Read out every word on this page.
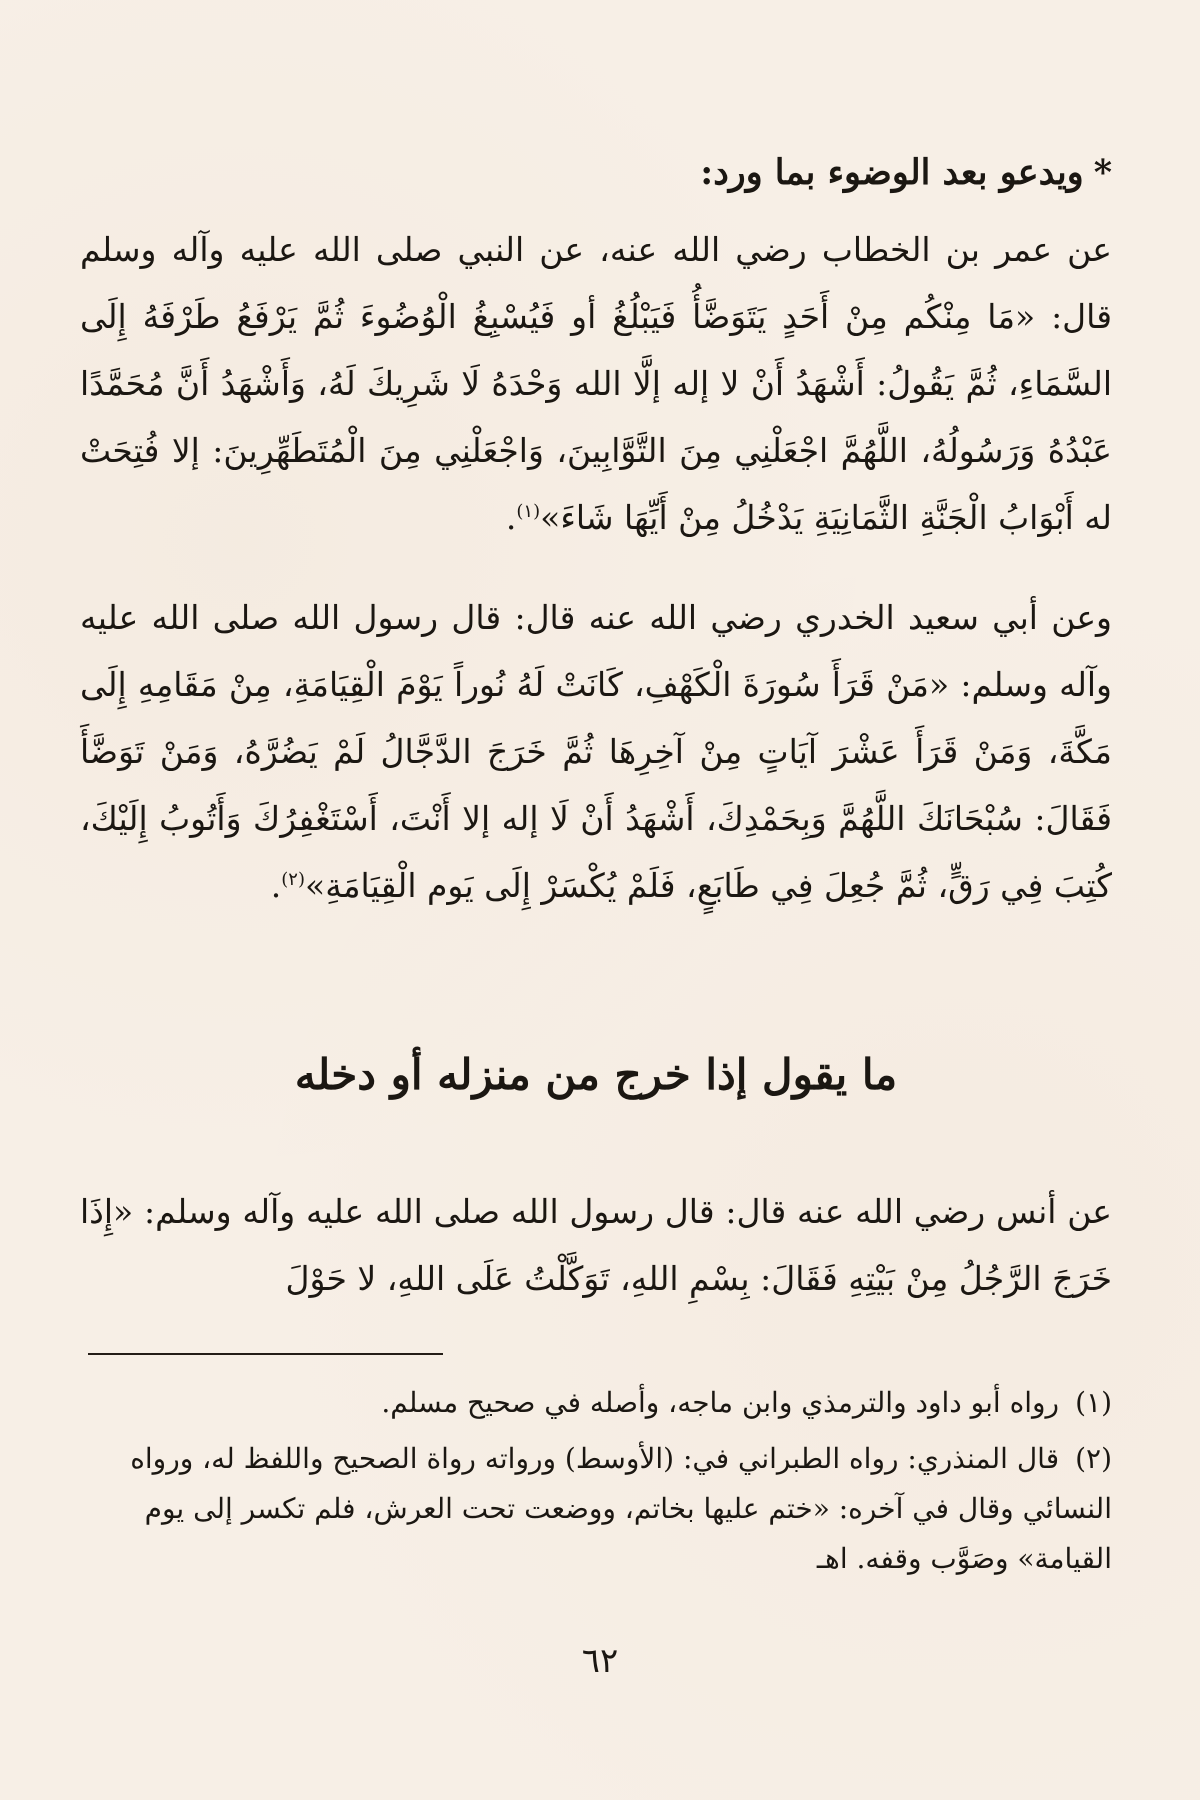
*ويدعو بعد الوضوء بما ورد:
عن عمر بن الخطاب رضي الله عنه، عن النبي صلى الله عليه وآله وسلم قال: «مَا مِنْكُم مِنْ أَحَدٍ يَتَوَضَّأُ فَيَبْلُغُ أو فَيُسْبِغُ الْوُضُوءَ ثُمَّ يَرْفَعُ طَرْفَهُ إِلَى السَّمَاءِ، ثُمَّ يَقُولُ: أَشْهَدُ أَنْ لا إله إلَّا الله وَحْدَهُ لَا شَرِيكَ لَهُ، وَأَشْهَدُ أَنَّ مُحَمَّدًا عَبْدُهُ وَرَسُولُهُ، اللَّهُمَّ اجْعَلْنِي مِنَ التَّوَّابِينَ، وَاجْعَلْنِي مِنَ الْمُتَطَهِّرِينَ: إلا فُتِحَتْ له أَبْوَابُ الْجَنَّةِ الثَّمَانِيَةِ يَدْخُلُ مِنْ أَيِّهَا شَاءَ»$^{(١)}$.
وعن أبي سعيد الخدري رضي الله عنه قال: قال رسول الله صلى الله عليه وآله وسلم: «مَنْ قَرَأَ سُورَةَ الْكَهْفِ، كَانَتْ لَهُ نُوراً يَوْمَ الْقِيَامَةِ، مِنْ مَقَامِهِ إِلَى مَكَّةَ، وَمَنْ قَرَأَ عَشْرَ آيَاتٍ مِنْ آخِرِهَا ثُمَّ خَرَجَ الدَّجَّالُ لَمْ يَضُرَّهُ، وَمَنْ تَوَضَّأَ فَقَالَ: سُبْحَانَكَ اللَّهُمَّ وَبِحَمْدِكَ، أَشْهَدُ أَنْ لَا إله إلا أَنْتَ، أَسْتَغْفِرُكَ وَأَتُوبُ إِلَيْكَ، كُتِبَ فِي رَقٍّ، ثُمَّ جُعِلَ فِي طَابَعٍ، فَلَمْ يُكْسَرْ إِلَى يَوم الْقِيَامَةِ»$^{(٢)}$.
ما يقول إذا خرج من منزله أو دخله
عن أنس رضي الله عنه قال: قال رسول الله صلى الله عليه وآله وسلم: «إِذَا خَرَجَ الرَّجُلُ مِنْ بَيْتِهِ فَقَالَ: بِسْمِ اللهِ، تَوَكَّلْتُ عَلَى اللهِ، لا حَوْلَ
(١)رواه أبو داود والترمذي وابن ماجه، وأصله في صحيح مسلم.
(٢)قال المنذري: رواه الطبراني في: (الأوسط) ورواته رواة الصحيح واللفظ له، ورواه النسائي وقال في آخره: «ختم عليها بخاتم، ووضعت تحت العرش، فلم تكسر إلى يوم القيامة» وصَوَّب وقفه. اهـ
٦٢
